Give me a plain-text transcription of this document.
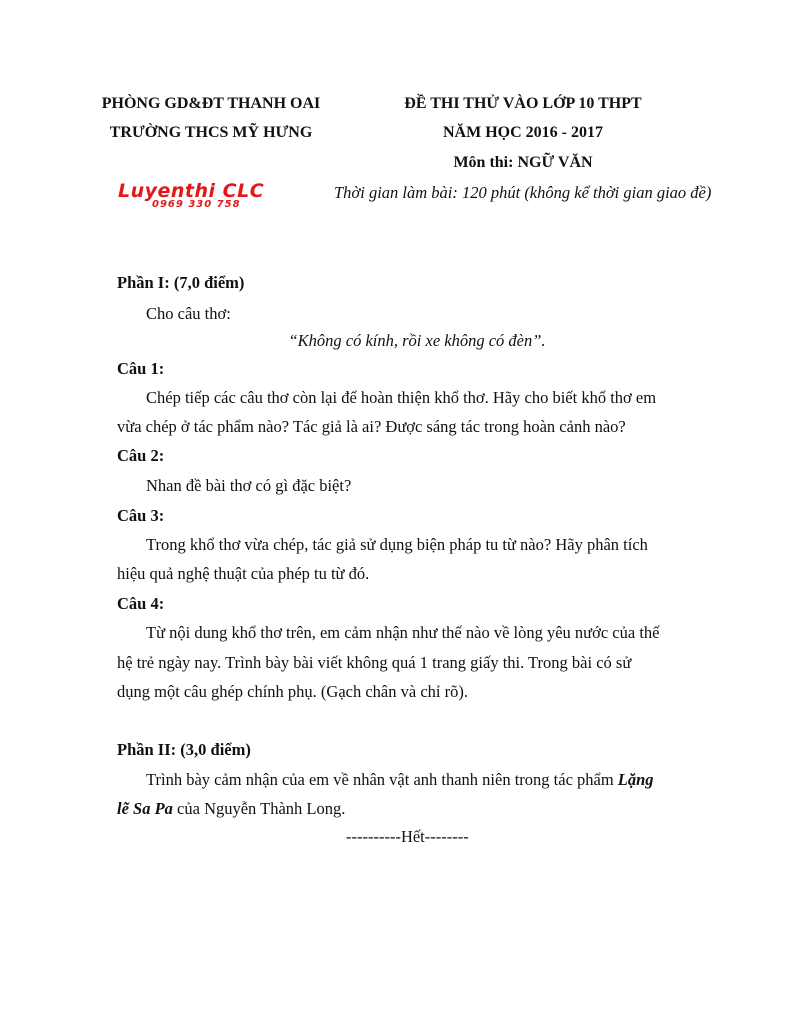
PHÒNG GD&ĐT THANH OAI
TRƯỜNG THCS MỸ HƯNG
ĐỀ THI THỬ VÀO LỚP 10 THPT
NĂM HỌC 2016 - 2017
Môn thi: NGỮ VĂN
Thời gian làm bài: 120 phút (không kể thời gian giao đề)
Luyenthi CLC
0969 330 758
Phần I: (7,0 điểm)
Cho câu thơ:
“Không có kính, rồi xe không có đèn”.
Câu 1:
Chép tiếp các câu thơ còn lại để hoàn thiện khổ thơ. Hãy cho biết khổ thơ em
vừa chép ở tác phẩm nào? Tác giả là ai? Được sáng tác trong hoàn cảnh nào?
Câu 2:
Nhan đề bài thơ có gì đặc biệt?
Câu 3:
Trong khổ thơ vừa chép, tác giả sử dụng biện pháp tu từ nào? Hãy phân tích
hiệu quả nghệ thuật của phép tu từ đó.
Câu 4:
Từ nội dung khổ thơ trên, em cảm nhận như thế nào về lòng yêu nước của thế
hệ trẻ ngày nay. Trình bày bài viết không quá 1 trang giấy thi. Trong bài có sử
dụng một câu ghép chính phụ. (Gạch chân và chỉ rõ).
Phần II: (3,0 điểm)
Trình bày cảm nhận của em về nhân vật anh thanh niên trong tác phẩm Lặng
lẽ Sa Pa của Nguyễn Thành Long.
----------Hết--------
